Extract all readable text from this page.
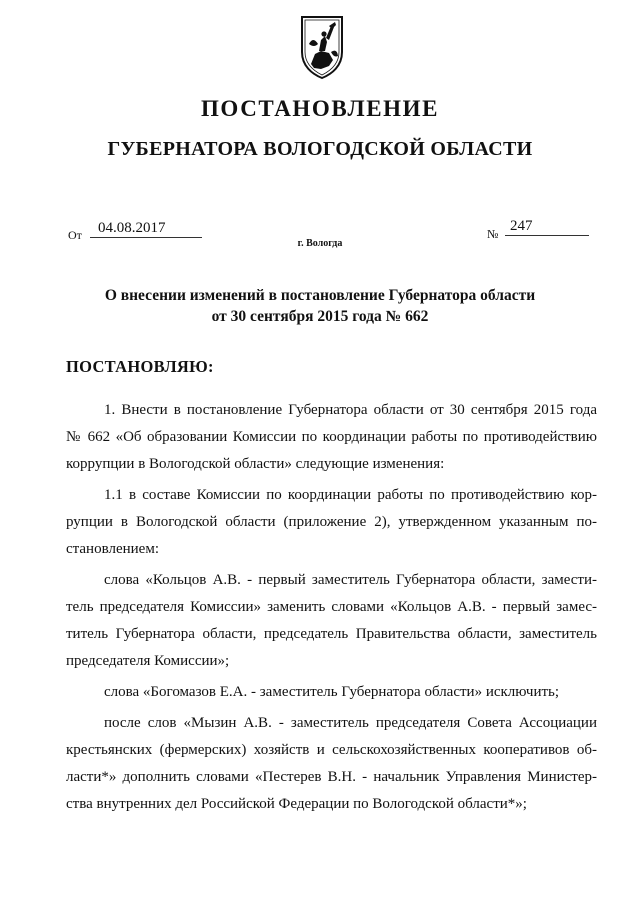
ПОСТАНОВЛЕНИЕ
ГУБЕРНАТОРА ВОЛОГОДСКОЙ ОБЛАСТИ
От	04.08.2017	№ 247
г. Вологда
О внесении изменений в постановление Губернатора области
от 30 сентября 2015 года № 662
ПОСТАНОВЛЯЮ:
1. Внести в постановление Губернатора области от 30 сентября 2015 года
№ 662 «Об образовании Комиссии по координации работы по противодействию
коррупции в Вологодской области» следующие изменения:
1.1 в составе Комиссии по координации работы по противодействию кор-
рупции в Вологодской области (приложение 2), утвержденном указанным по-
становлением:
слова «Кольцов А.В. - первый заместитель Губернатора области, замести-
тель председателя Комиссии» заменить словами «Кольцов А.В. - первый замес-
титель Губернатора области, председатель Правительства области, заместитель
председателя Комиссии»;
слова «Богомазов Е.А. - заместитель Губернатора области» исключить;
после слов «Мызин А.В. - заместитель председателя Совета Ассоциации
крестьянских (фермерских) хозяйств и сельскохозяйственных кооперативов об-
ласти*» дополнить словами «Пестерев В.Н. - начальник Управления Министер-
ства внутренних дел Российской Федерации по Вологодской области*»;
